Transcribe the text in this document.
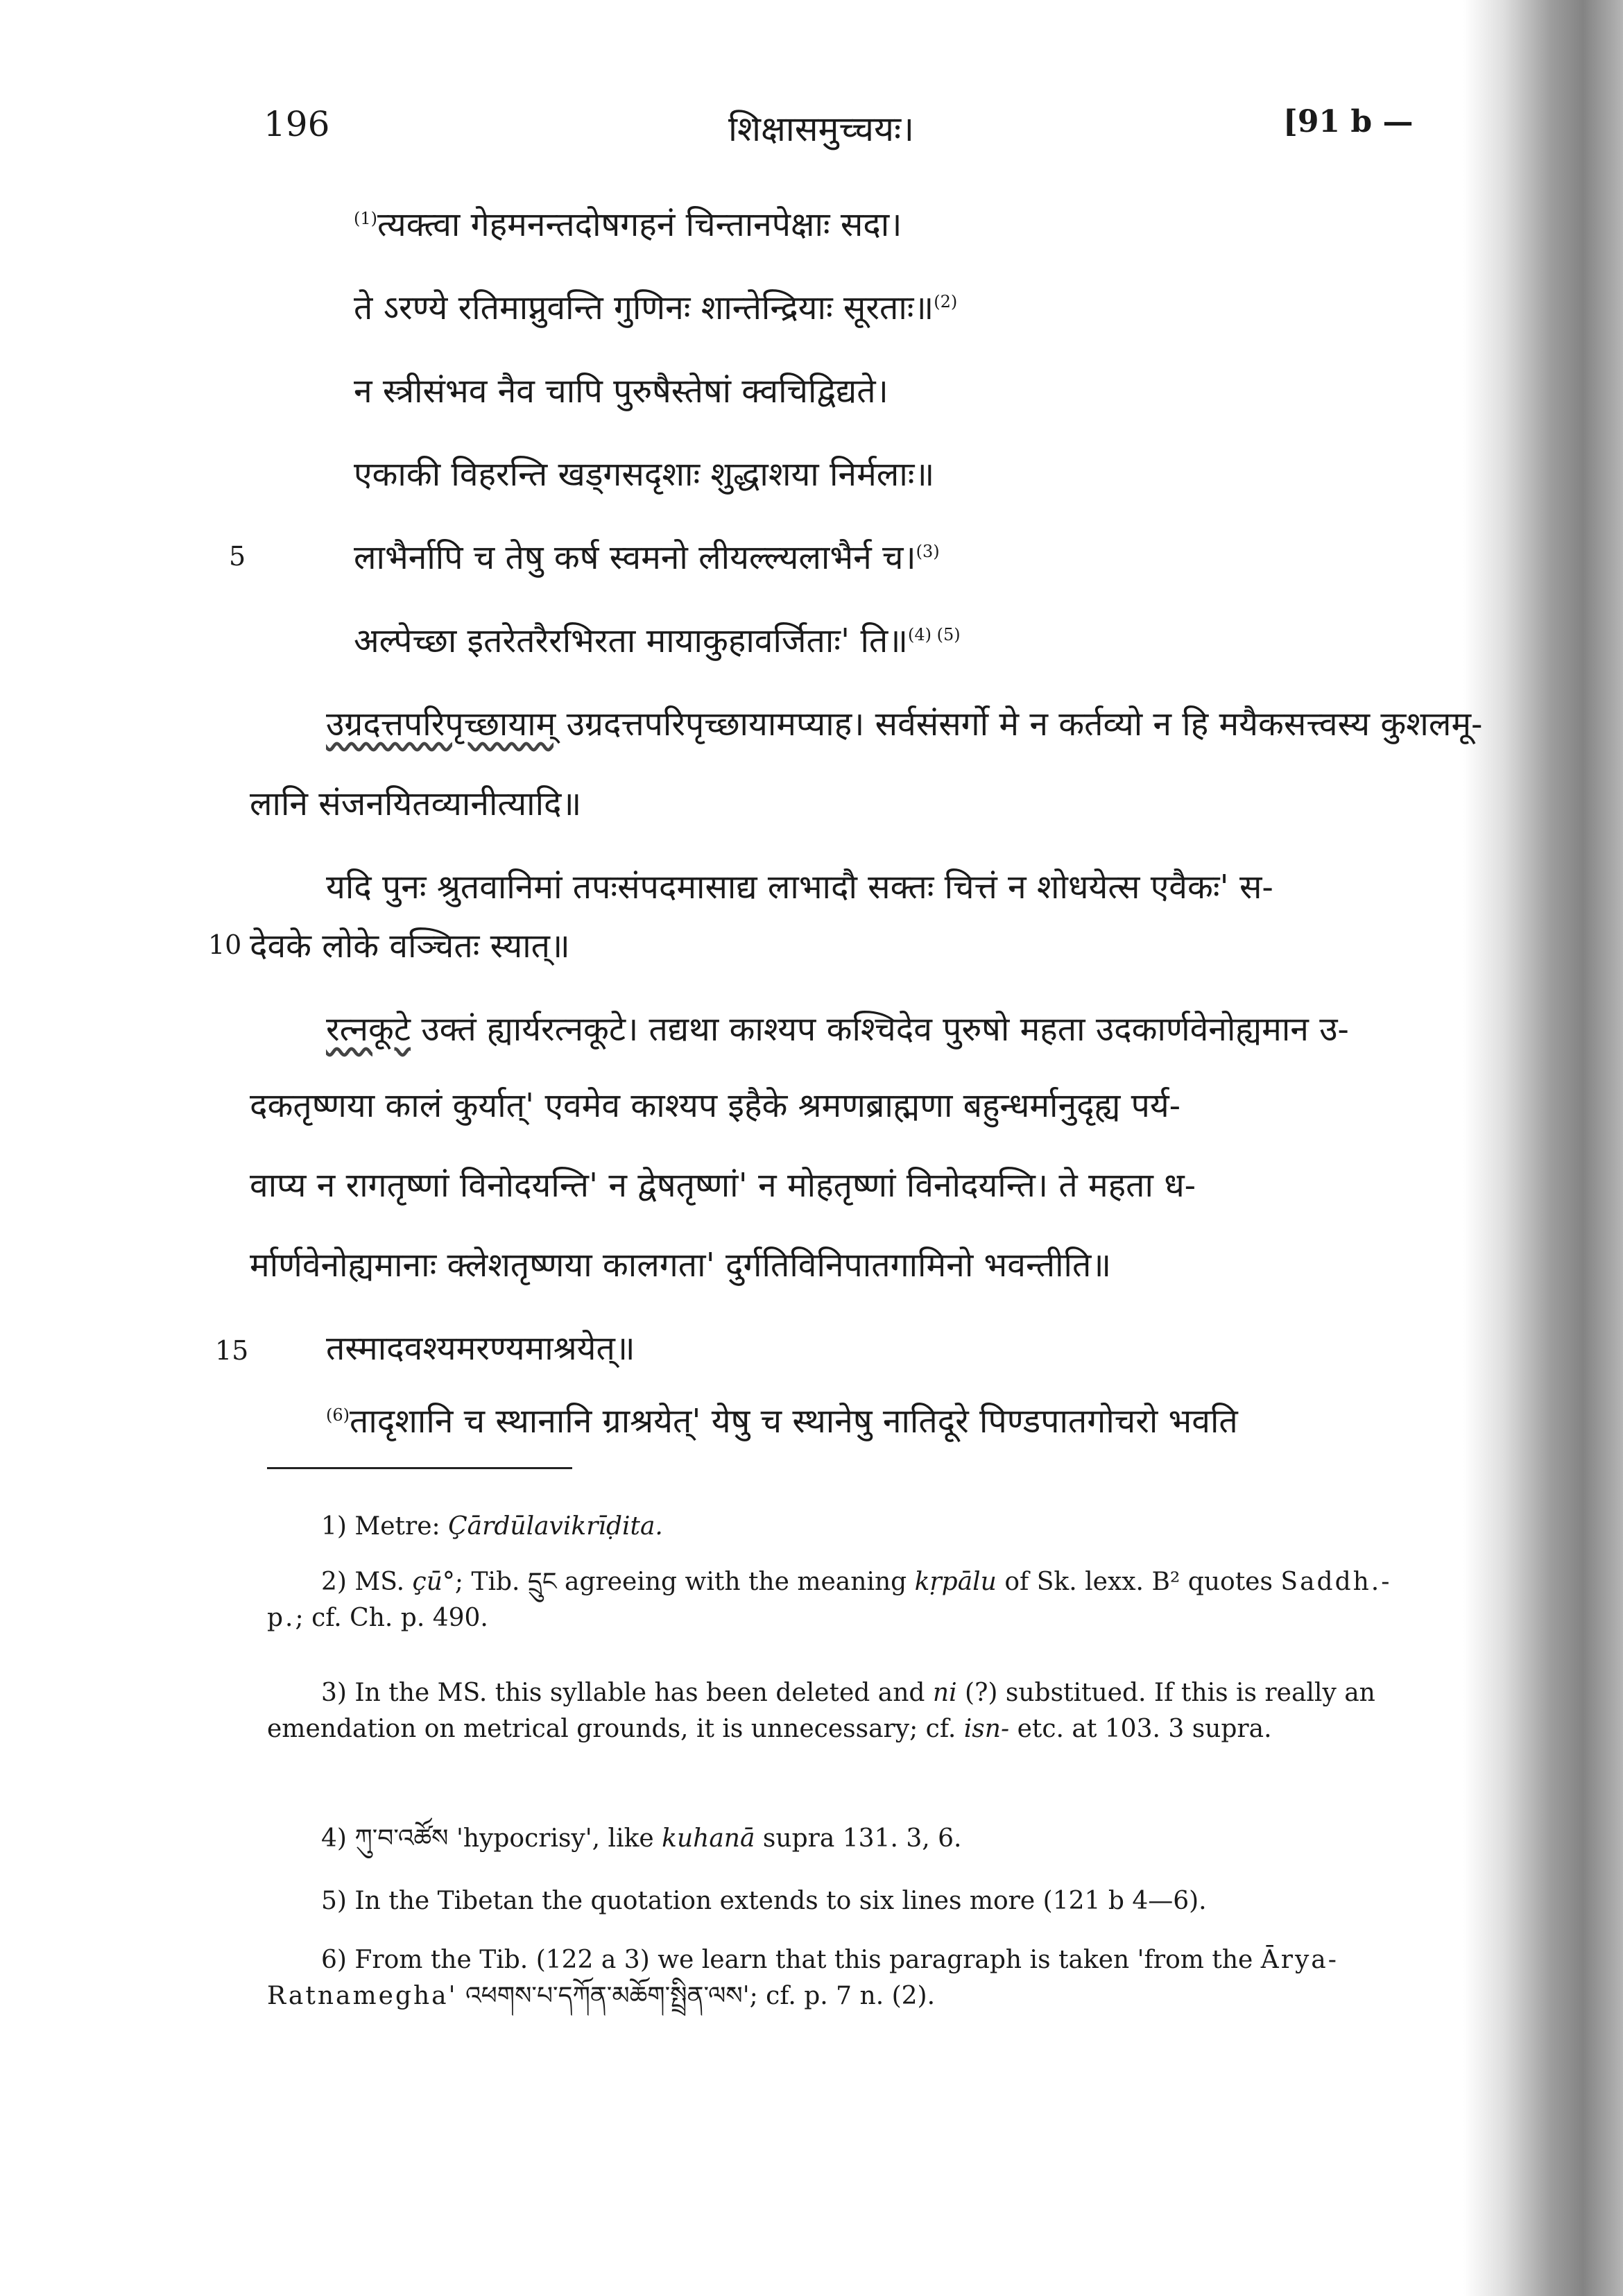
196	शिक्षासमुच्चयः।	[91 b —
$^{(1)}$त्यक्त्वा गेहमनन्तदोषगहनं चिन्तानपेक्षाः सदा।
ते ऽरण्ये रतिमाप्नुवन्ति गुणिनः शान्तेन्द्रियाः सूरताः॥$^{(2)}$
न स्त्रीसंभव नैव चापि पुरुषैस्तेषां क्वचिद्विद्यते।
एकाकी विहरन्ति खड्गसदृशाः शुद्धाशया निर्मलाः॥
5	लाभैर्नापि च तेषु कर्ष स्वमनो लीयल्ल्यलाभैर्न च।$^{(3)}$
अल्पेच्छा इतरेतरैरभिरता मायाकुहावर्जिताः' ति॥$^{(4) (5)}$
उग्रदत्तपरिपृच्छायाम् उग्रदत्तपरिपृच्छायामप्याह। सर्वसंसर्गो मे न कर्तव्यो न हि मयैकसत्त्वस्य कुशलमू-
लानि संजनयितव्यानीत्यादि॥
यदि पुनः श्रुतवानिमां तपःसंपदमासाद्य लाभादौ सक्तः चित्तं न शोधयेत्स एवैकः' स-
10 देवके लोके वञ्चितः स्यात्॥
रत्नकूटे उक्तं ह्यार्यरत्नकूटे। तद्यथा काश्यप कश्चिदेव पुरुषो महता उदकार्णवेनोह्यमान उ-
दकतृष्णया कालं कुर्यात्' एवमेव काश्यप इहैके श्रमणब्राह्मणा बहुन्धर्मानुदृह्य पर्य-
वाप्य न रागतृष्णां विनोदयन्ति' न द्वेषतृष्णां' न मोहतृष्णां विनोदयन्ति। ते महता ध-
र्मार्णवेनोह्यमानाः क्लेशतृष्णया कालगता' दुर्गतिविनिपातगामिनो भवन्तीति॥
15 तस्मादवश्यमरण्यमाश्रयेत्॥
$^{(6)}$तादृशानि च स्थानानि ग्राश्रयेत्' येषु च स्थानेषु नातिदूरे पिण्डपातगोचरो भवति

1) Metre: Çārdūlavikrīḍita.

2) MS. çū°; Tib. དྲུང agreeing with the meaning kṛpālu of Sk. lexx. B² quotes Saddh.-p.; cf. Ch. p. 490.

3) In the MS. this syllable has been deleted and ni (?) substitued. If this is really an emendation on metrical grounds, it is unnecessary; cf. isn- etc. at 103. 3 supra.

4) ཀུ་བ་འཚོས 'hypocrisy', like kuhanā supra 131. 3, 6.

5) In the Tibetan the quotation extends to six lines more (121 b 4—6).

6) From the Tib. (122 a 3) we learn that this paragraph is taken 'from the Ārya-Ratnamegha' འཕགས་པ་དཀོན་མཆོག་སྤྲིན་ལས'; cf. p. 7 n. (2).
